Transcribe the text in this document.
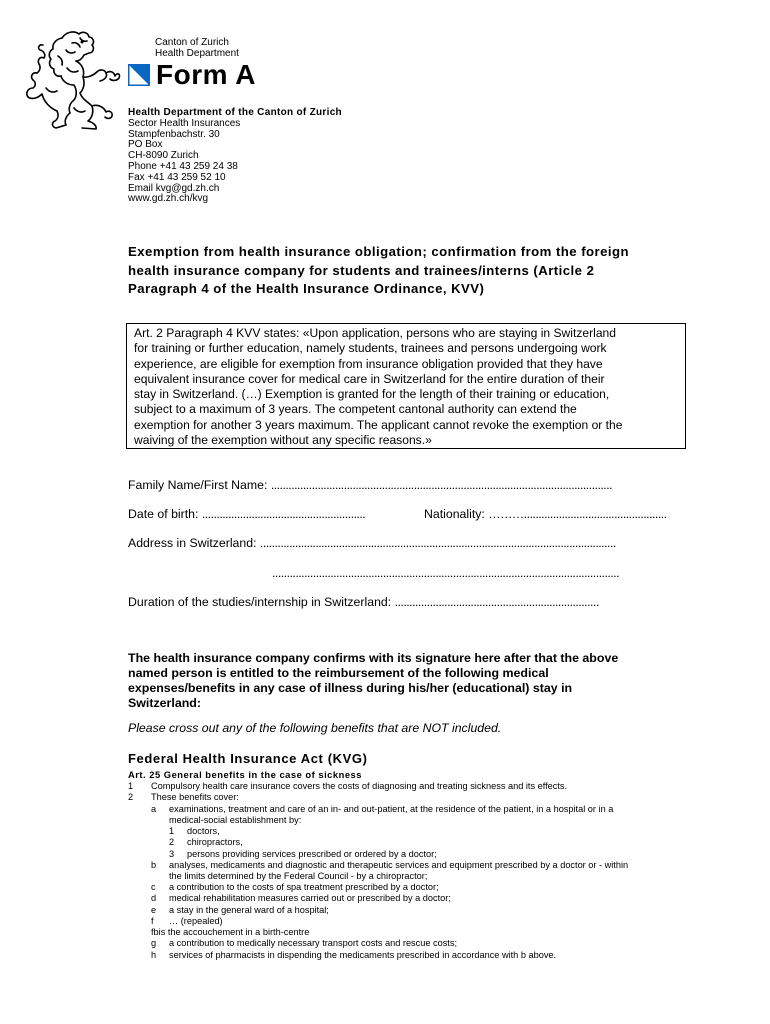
Canton of Zurich
Health Department
Form A
Health Department of the Canton of Zurich
Sector Health Insurances
Stampfenbachstr. 30
PO Box
CH-8090 Zurich
Phone +41 43 259 24 38
Fax +41 43 259 52 10
Email kvg@gd.zh.ch
www.gd.zh.ch/kvg
Exemption from health insurance obligation; confirmation from the foreign
health insurance company for students and trainees/interns (Article 2
Paragraph 4 of the Health Insurance Ordinance, KVV)
Art. 2 Paragraph 4 KVV states: «Upon application, persons who are staying in Switzerland
for training or further education, namely students, trainees and persons undergoing work
experience, are eligible for exemption from insurance obligation provided that they have
equivalent insurance cover for medical care in Switzerland for the entire duration of their
stay in Switzerland. (…) Exemption is granted for the length of their training or education,
subject to a maximum of 3 years. The competent cantonal authority can extend the
exemption for another 3 years maximum. The applicant cannot revoke the exemption or the
waiving of the exemption without any specific reasons.»
Family Name/First Name: .....................................................................................................................
Date of birth: ........................................................	Nationality: ……….................................................
Address in Switzerland: ..........................................................................................................................
.......................................................................................................................
Duration of the studies/internship in Switzerland: ......................................................................
The health insurance company confirms with its signature here after that the above
named person is entitled to the reimbursement of the following medical
expenses/benefits in any case of illness during his/her (educational) stay in
Switzerland:
Please cross out any of the following benefits that are NOT included.
Federal Health Insurance Act (KVG)
Art. 25 General benefits in the case of sickness
1 Compulsory health care insurance covers the costs of diagnosing and treating sickness and its effects.
2 These benefits cover:
a examinations, treatment and care of an in- and out-patient, at the residence of the patient, in a hospital or in a
medical-social establishment by:
1 doctors,
2 chiropractors,
3 persons providing services prescribed or ordered by a doctor;
b analyses, medicaments and diagnostic and therapeutic services and equipment prescribed by a doctor or - within
the limits determined by the Federal Council - by a chiropractor;
c a contribution to the costs of spa treatment prescribed by a doctor;
d medical rehabilitation measures carried out or prescribed by a doctor;
e a stay in the general ward of a hospital;
f … (repealed)
fbis the accouchement in a birth-centre
g a contribution to medically necessary transport costs and rescue costs;
h services of pharmacists in dispending the medicaments prescribed in accordance with b above.
